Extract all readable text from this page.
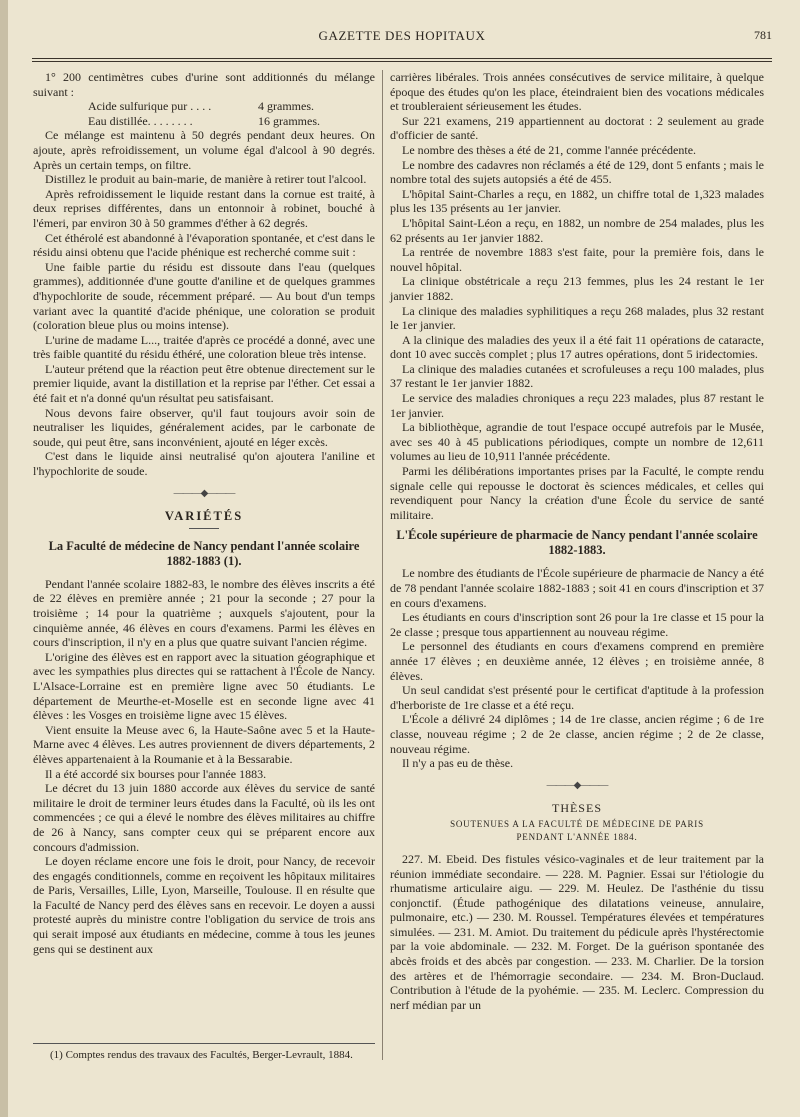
GAZETTE DES HOPITAUX	781

1° 200 centimètres cubes d'urine sont additionnés du mélange suivant :

Acide sulfurique pur . . . .	4 grammes.
Eau distillée. . . . . . . .	16 grammes.

Ce mélange est maintenu à 50 degrés pendant deux heures. On ajoute, après refroidissement, un volume égal d'alcool à 90 degrés. Après un certain temps, on filtre.

Distillez le produit au bain-marie, de manière à retirer tout l'alcool.

Après refroidissement le liquide restant dans la cornue est traité, à deux reprises différentes, dans un entonnoir à robinet, bouché à l'émeri, par environ 30 à 50 grammes d'éther à 62 degrés.

Cet éthérolé est abandonné à l'évaporation spontanée, et c'est dans le résidu ainsi obtenu que l'acide phénique est recherché comme suit :

Une faible partie du résidu est dissoute dans l'eau (quelques grammes), additionnée d'une goutte d'aniline et de quelques grammes d'hypochlorite de soude, récemment préparé. — Au bout d'un temps variant avec la quantité d'acide phénique, une coloration se produit (coloration bleue plus ou moins intense).

L'urine de madame L..., traitée d'après ce procédé a donné, avec une très faible quantité du résidu éthéré, une coloration bleue très intense.

L'auteur prétend que la réaction peut être obtenue directement sur le premier liquide, avant la distillation et la reprise par l'éther. Cet essai a été fait et n'a donné qu'un résultat peu satisfaisant.

Nous devons faire observer, qu'il faut toujours avoir soin de neutraliser les liquides, généralement acides, par le carbonate de soude, qui peut être, sans inconvénient, ajouté en léger excès.

C'est dans le liquide ainsi neutralisé qu'on ajoutera l'aniline et l'hypochlorite de soude.

———◆———
VARIÉTÉS
La Faculté de médecine de Nancy pendant l'année scolaire 1882-1883 (1).

Pendant l'année scolaire 1882-83, le nombre des élèves inscrits a été de 22 élèves en première année ; 21 pour la seconde ; 27 pour la troisième ; 14 pour la quatrième ; auxquels s'ajoutent, pour la cinquième année, 46 élèves en cours d'examens. Parmi les élèves en cours d'inscription, il n'y en a plus que quatre suivant l'ancien régime.

L'origine des élèves est en rapport avec la situation géographique et avec les sympathies plus directes qui se rattachent à l'École de Nancy. L'Alsace-Lorraine est en première ligne avec 50 étudiants. Le département de Meurthe-et-Moselle est en seconde ligne avec 41 élèves : les Vosges en troisième ligne avec 15 élèves.

Vient ensuite la Meuse avec 6, la Haute-Saône avec 5 et la Haute-Marne avec 4 élèves. Les autres proviennent de divers départements, 2 élèves appartenaient à la Roumanie et à la Bessarabie.

Il a été accordé six bourses pour l'année 1883.

Le décret du 13 juin 1880 accorde aux élèves du service de santé militaire le droit de terminer leurs études dans la Faculté, où ils les ont commencées ; ce qui a élevé le nombre des élèves militaires au chiffre de 26 à Nancy, sans compter ceux qui se préparent encore aux concours d'admission.

Le doyen réclame encore une fois le droit, pour Nancy, de recevoir des engagés conditionnels, comme en reçoivent les hôpitaux militaires de Paris, Versailles, Lille, Lyon, Marseille, Toulouse. Il en résulte que la Faculté de Nancy perd des élèves sans en recevoir. Le doyen a aussi protesté auprès du ministre contre l'obligation du service de trois ans qui serait imposé aux étudiants en médecine, comme à tous les jeunes gens qui se destinent aux

(1) Comptes rendus des travaux des Facultés, Berger-Levrault, 1884.

carrières libérales. Trois années consécutives de service militaire, à quelque époque des études qu'on les place, éteindraient bien des vocations médicales et troubleraient sérieusement les études.

Sur 221 examens, 219 appartiennent au doctorat : 2 seulement au grade d'officier de santé.

Le nombre des thèses a été de 21, comme l'année précédente.

Le nombre des cadavres non réclamés a été de 129, dont 5 enfants ; mais le nombre total des sujets autopsiés a été de 455.

L'hôpital Saint-Charles a reçu, en 1882, un chiffre total de 1,323 malades plus les 135 présents au 1er janvier.

L'hôpital Saint-Léon a reçu, en 1882, un nombre de 254 malades, plus les 62 présents au 1er janvier 1882.

La rentrée de novembre 1883 s'est faite, pour la première fois, dans le nouvel hôpital.

La clinique obstétricale a reçu 213 femmes, plus les 24 restant le 1er janvier 1882.

La clinique des maladies syphilitiques a reçu 268 malades, plus 32 restant le 1er janvier.

A la clinique des maladies des yeux il a été fait 11 opérations de cataracte, dont 10 avec succès complet ; plus 17 autres opérations, dont 5 iridectomies.

La clinique des maladies cutanées et scrofuleuses a reçu 100 malades, plus 37 restant le 1er janvier 1882.

Le service des maladies chroniques a reçu 223 malades, plus 87 restant le 1er janvier.

La bibliothèque, agrandie de tout l'espace occupé autrefois par le Musée, avec ses 40 à 45 publications périodiques, compte un nombre de 12,611 volumes au lieu de 10,911 l'année précédente.

Parmi les délibérations importantes prises par la Faculté, le compte rendu signale celle qui repousse le doctorat ès sciences médicales, et celles qui revendiquent pour Nancy la création d'une École du service de santé militaire.

L'École supérieure de pharmacie de Nancy pendant l'année scolaire 1882-1883.

Le nombre des étudiants de l'École supérieure de pharmacie de Nancy a été de 78 pendant l'année scolaire 1882-1883 ; soit 41 en cours d'inscription et 37 en cours d'examens.

Les étudiants en cours d'inscription sont 26 pour la 1re classe et 15 pour la 2e classe ; presque tous appartiennent au nouveau régime.

Le personnel des étudiants en cours d'examens comprend en première année 17 élèves ; en deuxième année, 12 élèves ; en troisième année, 8 élèves.

Un seul candidat s'est présenté pour le certificat d'aptitude à la profession d'herboriste de 1re classe et a été reçu.

L'École a délivré 24 diplômes ; 14 de 1re classe, ancien régime ; 6 de 1re classe, nouveau régime ; 2 de 2e classe, ancien régime ; 2 de 2e classe, nouveau régime.

Il n'y a pas eu de thèse.

———◆———
THÈSES
SOUTENUES A LA FACULTÉ DE MÉDECINE DE PARIS
PENDANT L'ANNÉE 1884.

227. M. Ebeid. Des fistules vésico-vaginales et de leur traitement par la réunion immédiate secondaire. — 228. M. Pagnier. Essai sur l'étiologie du rhumatisme articulaire aigu. — 229. M. Heulez. De l'asthénie du tissu conjonctif. (Étude pathogénique des dilatations veineuse, annulaire, pulmonaire, etc.) — 230. M. Roussel. Températures élevées et températures simulées. — 231. M. Amiot. Du traitement du pédicule après l'hystérectomie par la voie abdominale. — 232. M. Forget. De la guérison spontanée des abcès froids et des abcès par congestion. — 233. M. Charlier. De la torsion des artères et de l'hémorragie secondaire. — 234. M. Bron-Duclaud. Contribution à l'étude de la pyohémie. — 235. M. Leclerc. Compression du nerf médian par un
